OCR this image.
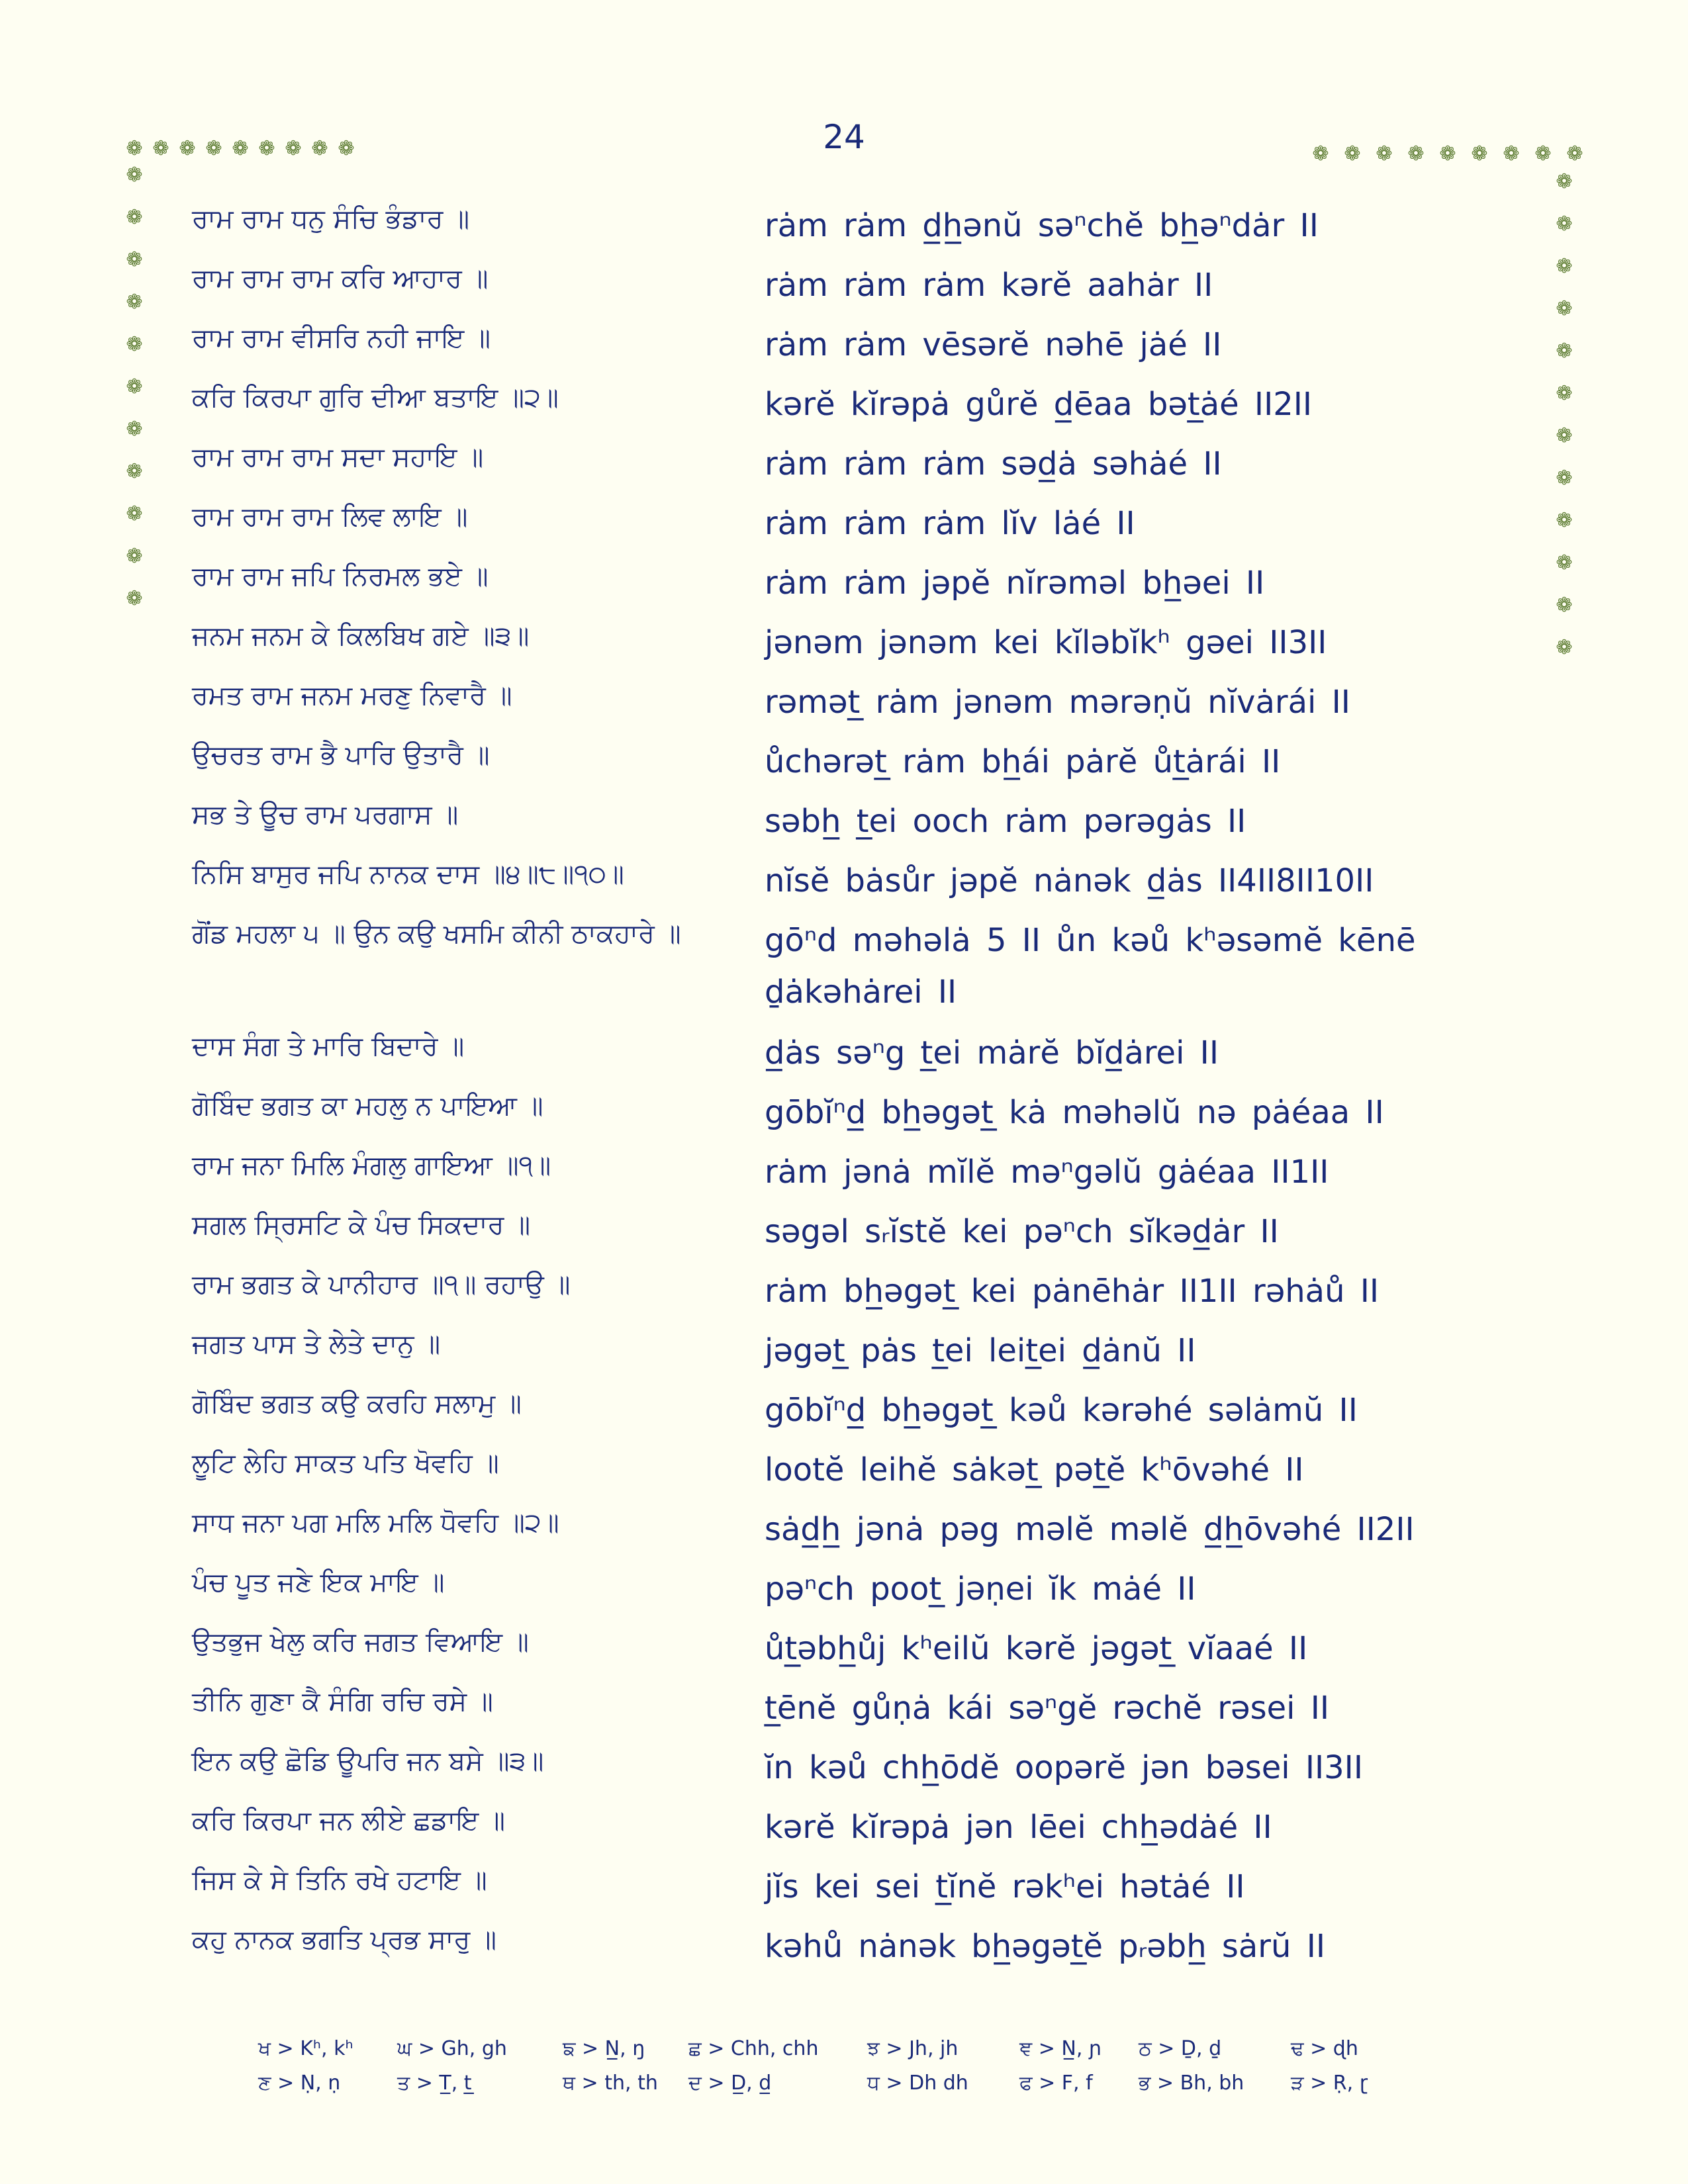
24
❁ ❁ ❁ ❁ ❁ ❁ ❁ ❁ ❁
❁
❁
❁
❁
❁
❁
❁
❁
❁
❁
❁
❁ ❁ ❁ ❁ ❁ ❁ ❁ ❁ ❁
❁
❁
❁
❁
❁
❁
❁
❁
❁
❁
❁
❁
ਰਾਮ ਰਾਮ ਧਨੁ ਸੰਚਿ ਭੰਡਾਰ ॥	rȧm rȧm d̲h̲ənŭ səⁿchĕ bh̲əⁿdȧr II
ਰਾਮ ਰਾਮ ਰਾਮ ਕਰਿ ਆਹਾਰ ॥	rȧm rȧm rȧm kərĕ aahȧr II
ਰਾਮ ਰਾਮ ਵੀਸਰਿ ਨਹੀ ਜਾਇ ॥	rȧm rȧm vēsərĕ nəhē jȧé II
ਕਰਿ ਕਿਰਪਾ ਗੁਰਿ ਦੀਆ ਬਤਾਇ ॥੨॥	kərĕ kĭrəpȧ gůrĕ d̲ēaa bət̲ȧé II2II
ਰਾਮ ਰਾਮ ਰਾਮ ਸਦਾ ਸਹਾਇ ॥	rȧm rȧm rȧm səd̲ȧ səhȧé II
ਰਾਮ ਰਾਮ ਰਾਮ ਲਿਵ ਲਾਇ ॥	rȧm rȧm rȧm lĭv lȧé II
ਰਾਮ ਰਾਮ ਜਪਿ ਨਿਰਮਲ ਭਏ ॥	rȧm rȧm jəpĕ nĭrəməl bh̲əei II
ਜਨਮ ਜਨਮ ਕੇ ਕਿਲਬਿਖ ਗਏ ॥੩॥	jənəm jənəm kei kĭləbĭkʰ gəei II3II
ਰਮਤ ਰਾਮ ਜਨਮ ਮਰਣੁ ਨਿਵਾਰੈ ॥	rəmət̲ rȧm jənəm mərəṇŭ nĭvȧrái II
ਉਚਰਤ ਰਾਮ ਭੈ ਪਾਰਿ ਉਤਾਰੈ ॥	ůchərət̲ rȧm bh̲ái pȧrĕ ůt̲ȧrái II
ਸਭ ਤੇ ਊਚ ਰਾਮ ਪਰਗਾਸ ॥	səbh̲ t̲ei ooch rȧm pərəgȧs II
ਨਿਸਿ ਬਾਸੁਰ ਜਪਿ ਨਾਨਕ ਦਾਸ ॥੪॥੮॥੧੦॥	nĭsĕ bȧsůr jəpĕ nȧnək d̲ȧs II4II8II10II
ਗੋਂਡ ਮਹਲਾ ੫ ॥ ਉਨ ਕਉ ਖਸਮਿ ਕੀਨੀ ਠਾਕਹਾਰੇ ॥	gōⁿd məhəlȧ 5 II ůn kəů kʰəsəmĕ kēnē ḏȧkəhȧrei II
ਦਾਸ ਸੰਗ ਤੇ ਮਾਰਿ ਬਿਦਾਰੇ ॥	d̲ȧs səⁿg t̲ei mȧrĕ bĭd̲ȧrei II
ਗੋਬਿੰਦ ਭਗਤ ਕਾ ਮਹਲੁ ਨ ਪਾਇਆ ॥	gōbĭⁿd̲ bh̲əgət̲ kȧ məhəlŭ nə pȧéaa II
ਰਾਮ ਜਨਾ ਮਿਲਿ ਮੰਗਲੁ ਗਾਇਆ ॥੧॥	rȧm jənȧ mĭlĕ məⁿgəlŭ gȧéaa II1II
ਸਗਲ ਸ੍ਰਿਸਟਿ ਕੇ ਪੰਚ ਸਿਕਦਾਰ ॥	səgəl sᵣĭstĕ kei pəⁿch sĭkəd̲ȧr II
ਰਾਮ ਭਗਤ ਕੇ ਪਾਨੀਹਾਰ ॥੧॥ ਰਹਾਉ ॥	rȧm bh̲əgət̲ kei pȧnēhȧr II1II rəhȧů II
ਜਗਤ ਪਾਸ ਤੇ ਲੇਤੇ ਦਾਨੁ ॥	jəgət̲ pȧs t̲ei leit̲ei d̲ȧnŭ II
ਗੋਬਿੰਦ ਭਗਤ ਕਉ ਕਰਹਿ ਸਲਾਮੁ ॥	gōbĭⁿd̲ bh̲əgət̲ kəů kərəhé səlȧmŭ II
ਲੂਟਿ ਲੇਹਿ ਸਾਕਤ ਪਤਿ ਖੋਵਹਿ ॥	lootĕ leihĕ sȧkət̲ pət̲ĕ kʰōvəhé II
ਸਾਧ ਜਨਾ ਪਗ ਮਲਿ ਮਲਿ ਧੋਵਹਿ ॥੨॥	sȧd̲h̲ jənȧ pəg məlĕ məlĕ d̲h̲ōvəhé II2II
ਪੰਚ ਪੂਤ ਜਣੇ ਇਕ ਮਾਇ ॥	pəⁿch poot̲ jəṇei ĭk mȧé II
ਉਤਭੁਜ ਖੇਲੁ ਕਰਿ ਜਗਤ ਵਿਆਇ ॥	ůt̲əbh̲ůj kʰeilŭ kərĕ jəgət̲ vĭaaé II
ਤੀਨਿ ਗੁਣਾ ਕੈ ਸੰਗਿ ਰਚਿ ਰਸੇ ॥	t̲ēnĕ gůṇȧ kái səⁿgĕ rəchĕ rəsei II
ਇਨ ਕਉ ਛੋਡਿ ਊਪਰਿ ਜਨ ਬਸੇ ॥੩॥	ĭn kəů chh̲ōdĕ oopərĕ jən bəsei II3II
ਕਰਿ ਕਿਰਪਾ ਜਨ ਲੀਏ ਛਡਾਇ ॥	kərĕ kĭrəpȧ jən lēei chh̲ədȧé II
ਜਿਸ ਕੇ ਸੇ ਤਿਨਿ ਰਖੇ ਹਟਾਇ ॥	jĭs kei sei t̲ĭnĕ rəkʰei hətȧé II
ਕਹੁ ਨਾਨਕ ਭਗਤਿ ਪ੍ਰਭ ਸਾਰੁ ॥	kəhů nȧnək bh̲əgət̲ĕ pᵣəbh̲ sȧrŭ II
ਖ > Kʰ, kʰ ਘ > Gh, gh	ਙ > N̲, ŋ ਛ > Chh, chh ਝ > Jh, jh	ਞ > N̲, ɲ ਠ > Ḏ, ḏ	ਢ > ɖh
ਣ > Ṇ, ṇ	ਤ > T̲, t̲	ਥ > th, th ਦ > D̲, d̲	ਧ > Dh dh	ਫ > F, f ਭ > Bh, bh ੜ > Ṛ, ɽ
